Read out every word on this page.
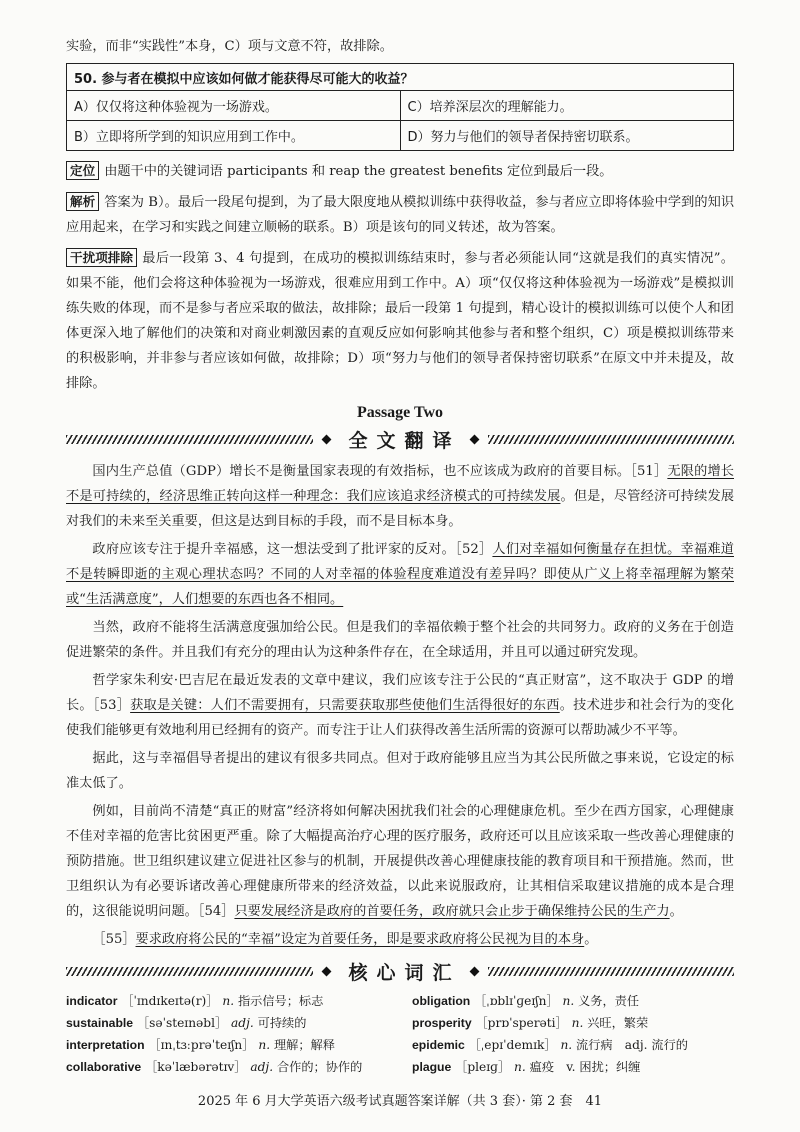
实验，而非“实践性”本身，C）项与文意不符，故排除。

50. 参与者在模拟中应该如何做才能获得尽可能大的收益？	
A）仅仅将这种体验视为一场游戏。	C）培养深层次的理解能力。
B）立即将所学到的知识应用到工作中。	D）努力与他们的领导者保持密切联系。

定位 由题干中的关键词语 participants 和 reap the greatest benefits 定位到最后一段。

解析 答案为 B）。最后一段尾句提到，为了最大限度地从模拟训练中获得收益，参与者应立即将体验中学到的知识应用起来，在学习和实践之间建立顺畅的联系。B）项是该句的同义转述，故为答案。

干扰项排除 最后一段第 3、4 句提到，在成功的模拟训练结束时，参与者必须能认同“这就是我们的真实情况”。如果不能，他们会将这种体验视为一场游戏，很难应用到工作中。A）项“仅仅将这种体验视为一场游戏”是模拟训练失败的体现，而不是参与者应采取的做法，故排除；最后一段第 1 句提到，精心设计的模拟训练可以使个人和团体更深入地了解他们的决策和对商业刺激因素的直观反应如何影响其他参与者和整个组织，C）项是模拟训练带来的积极影响，并非参与者应该如何做，故排除；D）项“努力与他们的领导者保持密切联系”在原文中并未提及，故排除。

Passage Two
全文翻译

国内生产总值（GDP）增长不是衡量国家表现的有效指标，也不应该成为政府的首要目标。［51］无限的增长不是可持续的，经济思维正转向这样一种理念：我们应该追求经济模式的可持续发展。但是，尽管经济可持续发展对我们的未来至关重要，但这是达到目标的手段，而不是目标本身。

政府应该专注于提升幸福感，这一想法受到了批评家的反对。［52］人们对幸福如何衡量存在担忧。幸福难道不是转瞬即逝的主观心理状态吗？不同的人对幸福的体验程度难道没有差异吗？即使从广义上将幸福理解为繁荣或“生活满意度”，人们想要的东西也各不相同。

当然，政府不能将生活满意度强加给公民。但是我们的幸福依赖于整个社会的共同努力。政府的义务在于创造促进繁荣的条件。并且我们有充分的理由认为这种条件存在，在全球适用，并且可以通过研究发现。

哲学家朱利安·巴吉尼在最近发表的文章中建议，我们应该专注于公民的“真正财富”，这不取决于 GDP 的增长。［53］获取是关键：人们不需要拥有，只需要获取那些使他们生活得很好的东西。技术进步和社会行为的变化使我们能够更有效地利用已经拥有的资产。而专注于让人们获得改善生活所需的资源可以帮助减少不平等。

据此，这与幸福倡导者提出的建议有很多共同点。但对于政府能够且应当为其公民所做之事来说，它设定的标准太低了。

例如，目前尚不清楚“真正的财富”经济将如何解决困扰我们社会的心理健康危机。至少在西方国家，心理健康不佳对幸福的危害比贫困更严重。除了大幅提高治疗心理的医疗服务，政府还可以且应该采取一些改善心理健康的预防措施。世卫组织建议建立促进社区参与的机制，开展提供改善心理健康技能的教育项目和干预措施。然而，世卫组织认为有必要诉诸改善心理健康所带来的经济效益，以此来说服政府，让其相信采取建议措施的成本是合理的，这很能说明问题。［54］只要发展经济是政府的首要任务，政府就只会止步于确保维持公民的生产力。

［55］要求政府将公民的“幸福”设定为首要任务，即是要求政府将公民视为目的本身。

核心词汇
indicator ［ˈɪndɪkeɪtə(r)］ n. 指示信号；标志	obligation ［ˌɒblɪˈɡeɪʃn］ n. 义务，责任
sustainable ［səˈsteɪnəbl］ adj. 可持续的	prosperity ［prɒˈsperəti］ n. 兴旺，繁荣
interpretation ［ɪnˌtɜːprəˈteɪʃn］ n. 理解；解释	epidemic ［ˌepɪˈdemɪk］ n. 流行病　adj. 流行的
collaborative ［kəˈlæbərətɪv］ adj. 合作的；协作的	plague ［pleɪɡ］ n. 瘟疫　v. 困扰；纠缠
2025 年 6 月大学英语六级考试真题答案详解（共 3 套）· 第 2 套　41
